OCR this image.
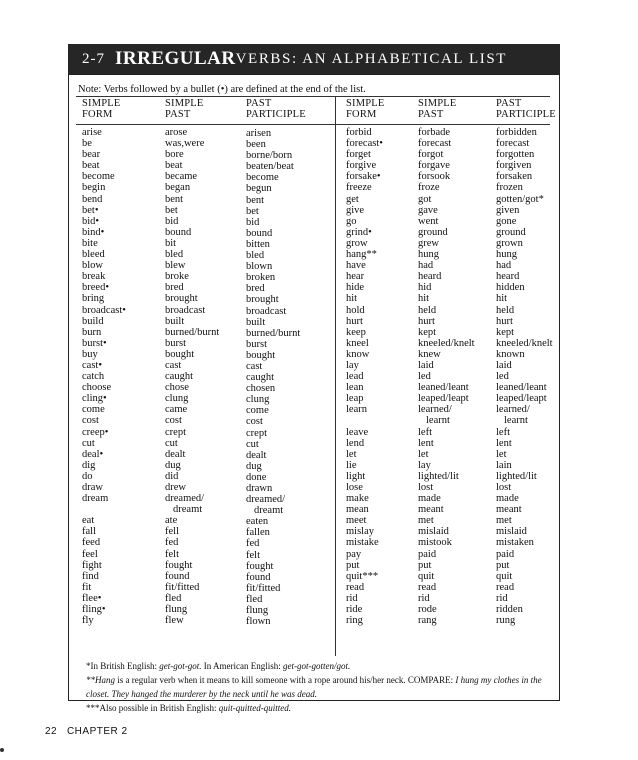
2-7 IRREGULAR VERBS: AN ALPHABETICAL LIST
Note: Verbs followed by a bullet (•) are defined at the end of the list.
SIMPLE
FORM
SIMPLE
PAST
PAST
PARTICIPLE
SIMPLE
FORM
SIMPLE
PAST
PAST
PARTICIPLE
arise
be
bear
beat
become
begin
bend
bet•
bid•
bind•
bite
bleed
blow
break
breed•
bring
broadcast•
build
burn
burst•
buy
cast•
catch
choose
cling•
come
cost
creep•
cut
deal•
dig
do
draw
dream
eat
fall
feed
feel
fight
find
fit
flee•
fling•
fly
arose
was,were
bore
beat
became
began
bent
bet
bid
bound
bit
bled
blew
broke
bred
brought
broadcast
built
burned/burnt
burst
bought
cast
caught
chose
clung
came
cost
crept
cut
dealt
dug
did
drew
dreamed/
dreamt
ate
fell
fed
felt
fought
found
fit/fitted
fled
flung
flew
arisen
been
borne/born
beaten/beat
become
begun
bent
bet
bid
bound
bitten
bled
blown
broken
bred
brought
broadcast
built
burned/burnt
burst
bought
cast
caught
chosen
clung
come
cost
crept
cut
dealt
dug
done
drawn
dreamed/
dreamt
eaten
fallen
fed
felt
fought
found
fit/fitted
fled
flung
flown
forbid
forecast•
forget
forgive
forsake•
freeze
get
give
go
grind•
grow
hang**
have
hear
hide
hit
hold
hurt
keep
kneel
know
lay
lead
lean
leap
learn
leave
lend
let
lie
light
lose
make
mean
meet
mislay
mistake
pay
put
quit***
read
rid
ride
ring
forbade
forecast
forgot
forgave
forsook
froze
got
gave
went
ground
grew
hung
had
heard
hid
hit
held
hurt
kept
kneeled/knelt
knew
laid
led
leaned/leant
leaped/leapt
learned/
learnt
left
lent
let
lay
lighted/lit
lost
made
meant
met
mislaid
mistook
paid
put
quit
read
rid
rode
rang
forbidden
forecast
forgotten
forgiven
forsaken
frozen
gotten/got*
given
gone
ground
grown
hung
had
heard
hidden
hit
held
hurt
kept
kneeled/knelt
known
laid
led
leaned/leant
leaped/leapt
learned/
learnt
left
lent
let
lain
lighted/lit
lost
made
meant
met
mislaid
mistaken
paid
put
quit
read
rid
ridden
rung
*In British English: get-got-got. In American English: get-got-gotten/got.
**Hang is a regular verb when it means to kill someone with a rope around his/her neck. COMPARE: I hung my clothes in the closet. They hanged the murderer by the neck until he was dead.
***Also possible in British English: quit-quitted-quitted.
22   CHAPTER 2
